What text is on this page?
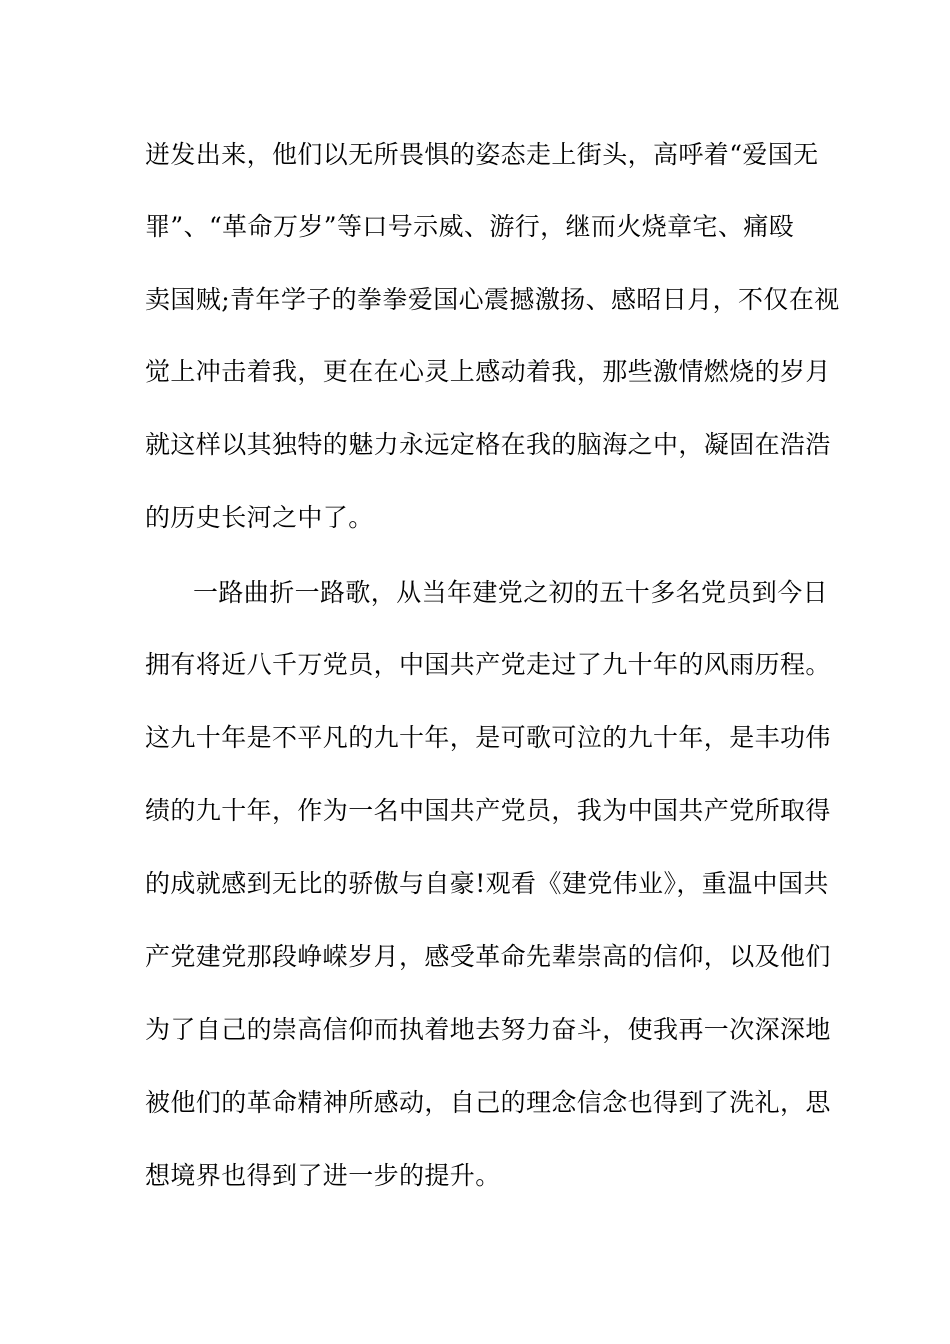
迸发出来，他们以无所畏惧的姿态走上街头，高呼着“爱国无
罪”、“革命万岁”等口号示威、游行，继而火烧章宅、痛殴
卖国贼;青年学子的拳拳爱国心震撼激扬、感昭日月，不仅在视
觉上冲击着我，更在在心灵上感动着我，那些激情燃烧的岁月
就这样以其独特的魅力永远定格在我的脑海之中，凝固在浩浩
的历史长河之中了。
一路曲折一路歌，从当年建党之初的五十多名党员到今日
拥有将近八千万党员，中国共产党走过了九十年的风雨历程。
这九十年是不平凡的九十年，是可歌可泣的九十年，是丰功伟
绩的九十年，作为一名中国共产党员，我为中国共产党所取得
的成就感到无比的骄傲与自豪!观看《建党伟业》，重温中国共
产党建党那段峥嵘岁月，感受革命先辈崇高的信仰，以及他们
为了自己的崇高信仰而执着地去努力奋斗，使我再一次深深地
被他们的革命精神所感动，自己的理念信念也得到了洗礼，思
想境界也得到了进一步的提升。
